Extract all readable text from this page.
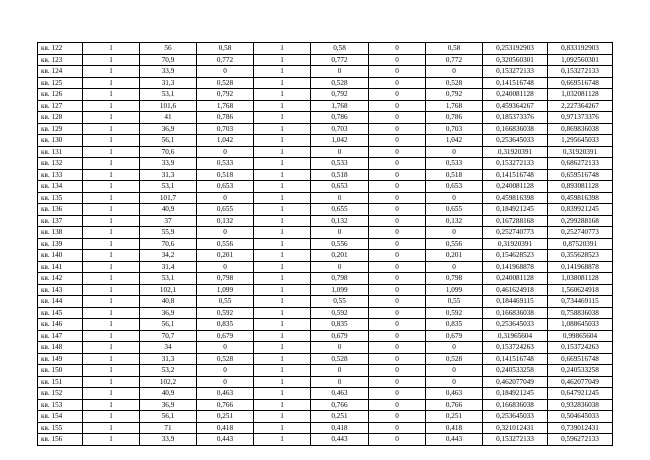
кв. 122	1	56	0,58	1	0,58	0	0,58	0,253192903	0,833192903
кв. 123	1	70,9	0,772	1	0,772	0	0,772	0,320560301	1,092560301
кв. 124	1	33,9	0	1	0	0	0	0,153272133	0,153272133
кв. 125	1	31,3	0,528	1	0,528	0	0,528	0,141516748	0,669516748
кв. 126	1	53,1	0,792	1	0,792	0	0,792	0,240081128	1,032081128
кв. 127	1	101,6	1,768	1	1,768	0	1,768	0,459364267	2,227364267
кв. 128	1	41	0,786	1	0,786	0	0,786	0,185373376	0,971373376
кв. 129	1	36,9	0,703	1	0,703	0	0,703	0,166836038	0,869836038
кв. 130	1	56,1	1,042	1	1,042	0	1,042	0,253645033	1,295645033
кв. 131	1	70,6	0	1	0	0	0	0,31920391	0,31920391
кв. 132	1	33,9	0,533	1	0,533	0	0,533	0,153272133	0,686272133
кв. 133	1	31,3	0,518	1	0,518	0	0,518	0,141516748	0,659516748
кв. 134	1	53,1	0,653	1	0,653	0	0,653	0,240081128	0,893081128
кв. 135	1	101,7	0	1	0	0	0	0,459816398	0,459816398
кв. 136	1	40,9	0,655	1	0,655	0	0,655	0,184921245	0,839921245
кв. 137	1	37	0,132	1	0,132	0	0,132	0,167288168	0,299288168
кв. 138	1	55,9	0	1	0	0	0	0,252740773	0,252740773
кв. 139	1	70,6	0,556	1	0,556	0	0,556	0,31920391	0,87520391
кв. 140	1	34,2	0,201	1	0,201	0	0,201	0,154628523	0,355628523
кв. 141	1	31,4	0	1	0	0	0	0,141968878	0,141968878
кв. 142	1	53,1	0,798	1	0,798	0	0,798	0,240081128	1,038081128
кв. 143	1	102,1	1,099	1	1,099	0	1,099	0,461624918	1,560624918
кв. 144	1	40,8	0,55	1	0,55	0	0,55	0,184469115	0,734469115
кв. 145	1	36,9	0,592	1	0,592	0	0,592	0,166836038	0,758836038
кв. 146	1	56,1	0,835	1	0,835	0	0,835	0,253645033	1,088645033
кв. 147	1	70,7	0,679	1	0,679	0	0,679	0,31965604	0,99865604
кв. 148	1	34	0	1	0	0	0	0,153724263	0,153724263
кв. 149	1	31,3	0,528	1	0,528	0	0,528	0,141516748	0,669516748
кв. 150	1	53,2	0	1	0	0	0	0,240533258	0,240533258
кв. 151	1	102,2	0	1	0	0	0	0,462077049	0,462077049
кв. 152	1	40,9	0,463	1	0,463	0	0,463	0,184921245	0,647921245
кв. 153	1	36,9	0,766	1	0,766	0	0,766	0,166836038	0,932836038
кв. 154	1	56,1	0,251	1	0,251	0	0,251	0,253645033	0,504645033
кв. 155	1	71	0,418	1	0,418	0	0,418	0,321012431	0,739012431
кв. 156	1	33,9	0,443	1	0,443	0	0,443	0,153272133	0,596272133
